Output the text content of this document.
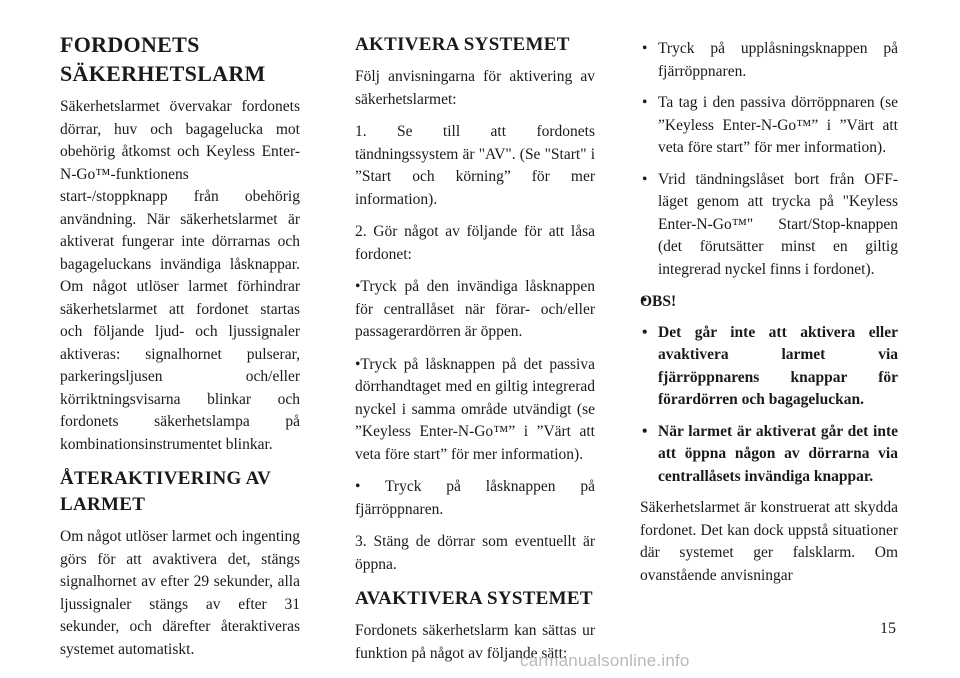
FORDONETS SÄKERHETSLARM

Säkerhetslarmet övervakar fordonets dörrar, huv och bagagelucka mot obehörig åtkomst och Keyless Enter-N-Go™-funktionens start-/stoppknapp från obehörig användning. När säkerhetslarmet är aktiverat fungerar inte dörrarnas och bagageluckans invändiga låsknappar. Om något utlöser larmet förhindrar säkerhetslarmet att fordonet startas och följande ljud- och ljussignaler aktiveras: signalhornet pulserar, parkeringsljusen och/eller körriktningsvisarna blinkar och fordonets säkerhetslampa på kombinationsinstrumentet blinkar.

ÅTERAKTIVERING AV LARMET

Om något utlöser larmet och ingenting görs för att avaktivera det, stängs signalhornet av efter 29 sekunder, alla ljussignaler stängs av efter 31 sekunder, och därefter återaktiveras systemet automatiskt.

AKTIVERA SYSTEMET

Följ anvisningarna för aktivering av säkerhetslarmet:

1. Se till att fordonets tändningssystem är "AV". (Se "Start" i ”Start och körning” för mer information).

2. Gör något av följande för att låsa fordonet:

•Tryck på den invändiga låsknappen för centrallåset när förar- och/eller passagerardörren är öppen.

•Tryck på låsknappen på det passiva dörrhandtaget med en giltig integrerad nyckel i samma område utvändigt (se ”Keyless Enter-N-Go™” i ”Värt att veta före start” för mer information).

• Tryck på låsknappen på fjärröppnaren.

3. Stäng de dörrar som eventuellt är öppna.

AVAKTIVERA SYSTEMET

Fordonets säkerhetslarm kan sättas ur funktion på något av följande sätt:

• Tryck på upplåsningsknappen på fjärröppnaren.
• Ta tag i den passiva dörröppnaren (se ”Keyless Enter-N-Go™” i ”Värt att veta före start” för mer information).
• Vrid tändningslåset bort från OFF-läget genom att trycka på "Keyless Enter-N-Go™" Start/Stop-knappen (det förutsätter minst en giltig integrerad nyckel finns i fordonet).
OBS!
• Det går inte att aktivera eller avaktivera larmet via fjärröppnarens knappar för förardörren och bagageluckan.
• När larmet är aktiverat går det inte att öppna någon av dörrarna via centrallåsets invändiga knappar.

Säkerhetslarmet är konstruerat att skydda fordonet. Det kan dock uppstå situationer där systemet ger falsklarm. Om ovanstående anvisningar

15
carmanualsonline.info
